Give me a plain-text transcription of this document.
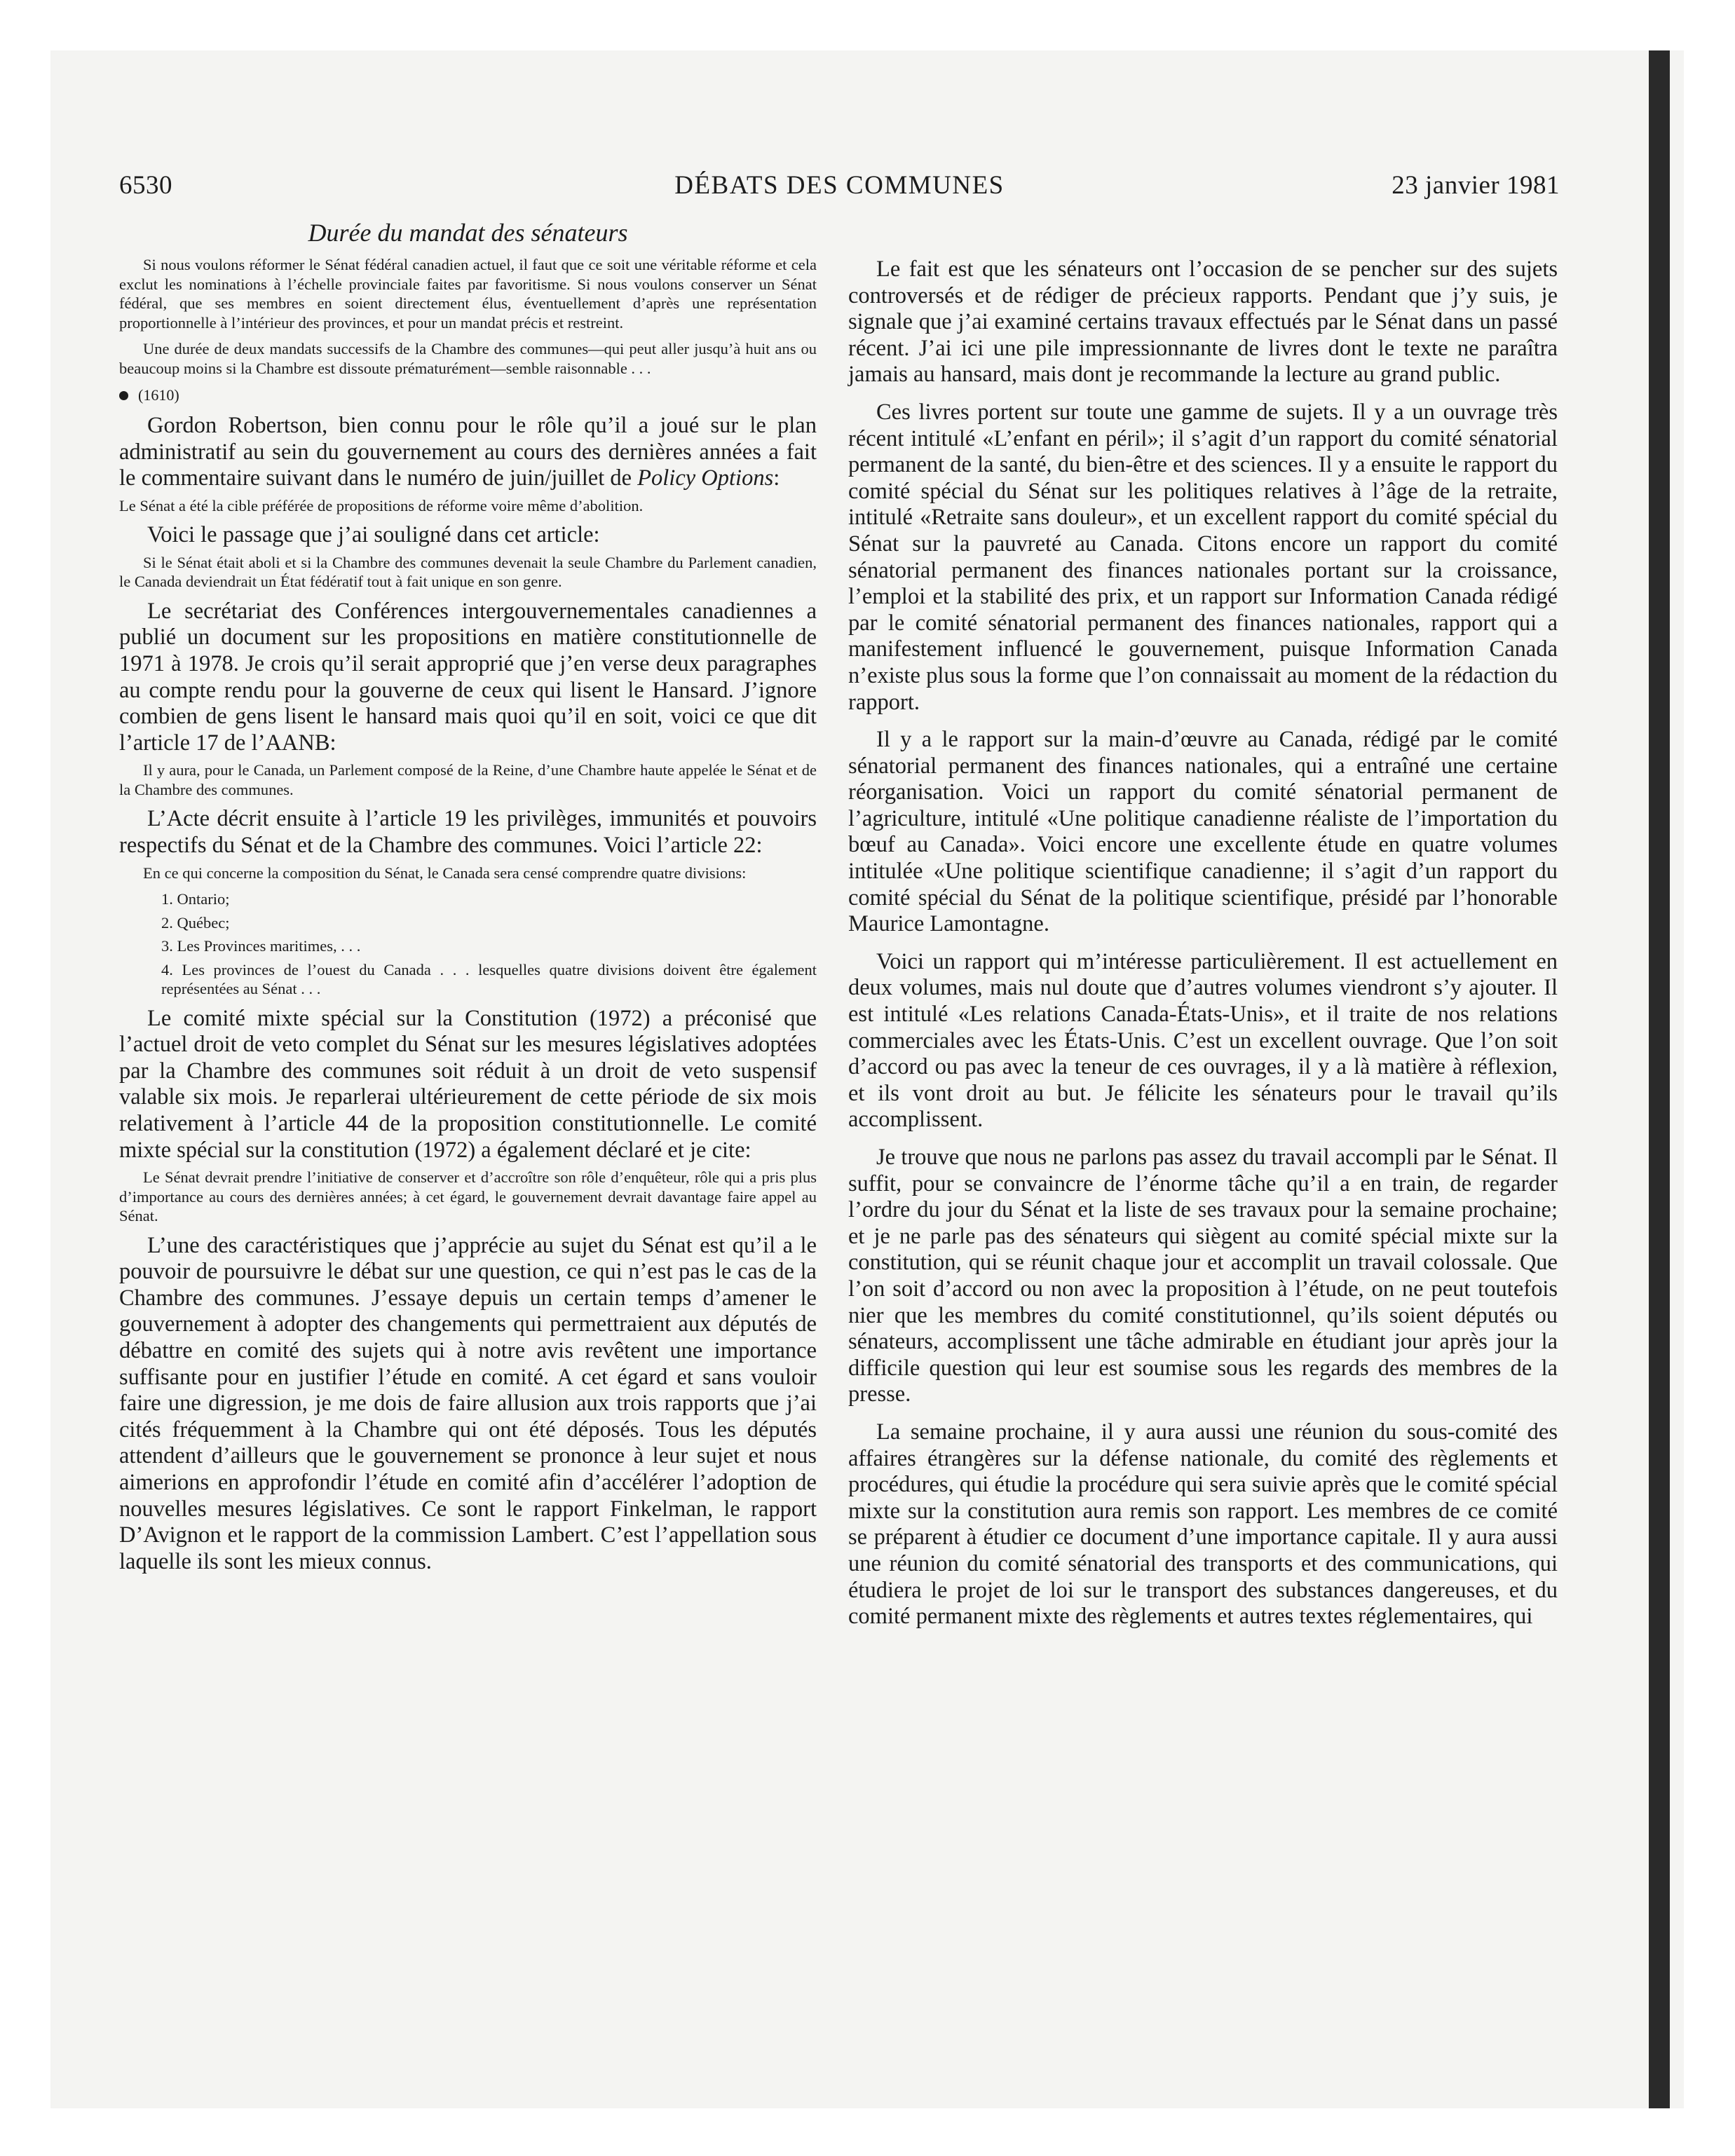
6530	DÉBATS DES COMMUNES	23 janvier 1981
Durée du mandat des sénateurs

Si nous voulons réformer le Sénat fédéral canadien actuel, il faut que ce soit une véritable réforme et cela exclut les nominations à l’échelle provinciale faites par favoritisme. Si nous voulons conserver un Sénat fédéral, que ses membres en soient directement élus, éventuellement d’après une représentation proportionnelle à l’intérieur des provinces, et pour un mandat précis et restreint.

Une durée de deux mandats successifs de la Chambre des communes—qui peut aller jusqu’à huit ans ou beaucoup moins si la Chambre est dissoute prématurément—semble raisonnable . . .

(1610)

Gordon Robertson, bien connu pour le rôle qu’il a joué sur le plan administratif au sein du gouvernement au cours des dernières années a fait le commentaire suivant dans le numéro de juin/juillet de Policy Options:

Le Sénat a été la cible préférée de propositions de réforme voire même d’abolition.

Voici le passage que j’ai souligné dans cet article:

Si le Sénat était aboli et si la Chambre des communes devenait la seule Chambre du Parlement canadien, le Canada deviendrait un État fédératif tout à fait unique en son genre.

Le secrétariat des Conférences intergouvernementales canadiennes a publié un document sur les propositions en matière constitutionnelle de 1971 à 1978. Je crois qu’il serait approprié que j’en verse deux paragraphes au compte rendu pour la gouverne de ceux qui lisent le Hansard. J’ignore combien de gens lisent le hansard mais quoi qu’il en soit, voici ce que dit l’article 17 de l’AANB:

Il y aura, pour le Canada, un Parlement composé de la Reine, d’une Chambre haute appelée le Sénat et de la Chambre des communes.

L’Acte décrit ensuite à l’article 19 les privilèges, immunités et pouvoirs respectifs du Sénat et de la Chambre des communes. Voici l’article 22:

En ce qui concerne la composition du Sénat, le Canada sera censé comprendre quatre divisions:

1. Ontario;

2. Québec;

3. Les Provinces maritimes, . . .

4. Les provinces de l’ouest du Canada . . . lesquelles quatre divisions doivent être également représentées au Sénat . . .

Le comité mixte spécial sur la Constitution (1972) a préconisé que l’actuel droit de veto complet du Sénat sur les mesures législatives adoptées par la Chambre des communes soit réduit à un droit de veto suspensif valable six mois. Je reparlerai ultérieurement de cette période de six mois relativement à l’article 44 de la proposition constitutionnelle. Le comité mixte spécial sur la constitution (1972) a également déclaré et je cite:

Le Sénat devrait prendre l’initiative de conserver et d’accroître son rôle d’enquêteur, rôle qui a pris plus d’importance au cours des dernières années; à cet égard, le gouvernement devrait davantage faire appel au Sénat.

L’une des caractéristiques que j’apprécie au sujet du Sénat est qu’il a le pouvoir de poursuivre le débat sur une question, ce qui n’est pas le cas de la Chambre des communes. J’essaye depuis un certain temps d’amener le gouvernement à adopter des changements qui permettraient aux députés de débattre en comité des sujets qui à notre avis revêtent une importance suffisante pour en justifier l’étude en comité. A cet égard et sans vouloir faire une digression, je me dois de faire allusion aux trois rapports que j’ai cités fréquemment à la Chambre qui ont été déposés. Tous les députés attendent d’ailleurs que le gouvernement se prononce à leur sujet et nous aimerions en approfondir l’étude en comité afin d’accélérer l’adoption de nouvelles mesures législatives. Ce sont le rapport Finkelman, le rapport D’Avignon et le rapport de la commission Lambert. C’est l’appellation sous laquelle ils sont les mieux connus.

Le fait est que les sénateurs ont l’occasion de se pencher sur des sujets controversés et de rédiger de précieux rapports. Pendant que j’y suis, je signale que j’ai examiné certains travaux effectués par le Sénat dans un passé récent. J’ai ici une pile impressionnante de livres dont le texte ne paraîtra jamais au hansard, mais dont je recommande la lecture au grand public.

Ces livres portent sur toute une gamme de sujets. Il y a un ouvrage très récent intitulé «L’enfant en péril»; il s’agit d’un rapport du comité sénatorial permanent de la santé, du bien-être et des sciences. Il y a ensuite le rapport du comité spécial du Sénat sur les politiques relatives à l’âge de la retraite, intitulé «Retraite sans douleur», et un excellent rapport du comité spécial du Sénat sur la pauvreté au Canada. Citons encore un rapport du comité sénatorial permanent des finances nationales portant sur la croissance, l’emploi et la stabilité des prix, et un rapport sur Information Canada rédigé par le comité sénatorial permanent des finances nationales, rapport qui a manifestement influencé le gouvernement, puisque Information Canada n’existe plus sous la forme que l’on connaissait au moment de la rédaction du rapport.

Il y a le rapport sur la main-d’œuvre au Canada, rédigé par le comité sénatorial permanent des finances nationales, qui a entraîné une certaine réorganisation. Voici un rapport du comité sénatorial permanent de l’agriculture, intitulé «Une politique canadienne réaliste de l’importation du bœuf au Canada». Voici encore une excellente étude en quatre volumes intitulée «Une politique scientifique canadienne; il s’agit d’un rapport du comité spécial du Sénat de la politique scientifique, présidé par l’honorable Maurice Lamontagne.

Voici un rapport qui m’intéresse particulièrement. Il est actuellement en deux volumes, mais nul doute que d’autres volumes viendront s’y ajouter. Il est intitulé «Les relations Canada-États-Unis», et il traite de nos relations commerciales avec les États-Unis. C’est un excellent ouvrage. Que l’on soit d’accord ou pas avec la teneur de ces ouvrages, il y a là matière à réflexion, et ils vont droit au but. Je félicite les sénateurs pour le travail qu’ils accomplissent.

Je trouve que nous ne parlons pas assez du travail accompli par le Sénat. Il suffit, pour se convaincre de l’énorme tâche qu’il a en train, de regarder l’ordre du jour du Sénat et la liste de ses travaux pour la semaine prochaine; et je ne parle pas des sénateurs qui siègent au comité spécial mixte sur la constitution, qui se réunit chaque jour et accomplit un travail colossale. Que l’on soit d’accord ou non avec la proposition à l’étude, on ne peut toutefois nier que les membres du comité constitutionnel, qu’ils soient députés ou sénateurs, accomplissent une tâche admirable en étudiant jour après jour la difficile question qui leur est soumise sous les regards des membres de la presse.

La semaine prochaine, il y aura aussi une réunion du sous-comité des affaires étrangères sur la défense nationale, du comité des règlements et procédures, qui étudie la procédure qui sera suivie après que le comité spécial mixte sur la constitution aura remis son rapport. Les membres de ce comité se préparent à étudier ce document d’une importance capitale. Il y aura aussi une réunion du comité sénatorial des transports et des communications, qui étudiera le projet de loi sur le transport des substances dangereuses, et du comité permanent mixte des règlements et autres textes réglementaires, qui
